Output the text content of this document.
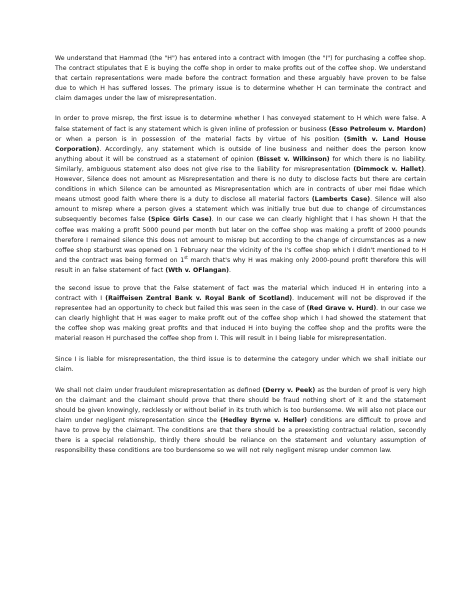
We understand that Hammad (the "H") has entered into a contract with Imogen (the "I") for purchasing a coffee shop. The contract stipulates that E is buying the coffe shop in order to make profits out of the coffee shop. We understand that certain representations were made before the contract formation and these arguably have proven to be false due to which H has suffered losses. The primary issue is to determine whether H can terminate the contract and claim damages under the law of misrepresentation.

In order to prove misrep, the first issue is to determine whether I has conveyed statement to H which were false. A false statement of fact is any statement which is given inline of profession or business (Esso Petroleum v. Mardon) or when a person is in possession of the material facts by virtue of his position (Smith v. Land House Corporation). Accordingly, any statement which is outside of line business and neither does the person know anything about it will be construed as a statement of opinion (Bisset v. Wilkinson) for which there is no liability. Similarly, ambiguous statement also does not give rise to the liability for misrepresentation (Dimmock v. Hallet). However, Silence does not amount as Misrepresentation and there is no duty to disclose facts but there are certain conditions in which Silence can be amounted as Misrepresentation which are in contracts of uber mei fidae which means utmost good faith where there is a duty to disclose all material factors (Lamberts Case). Silence will also amount to misrep where a person gives a statement which was initially true but due to change of circumstances subsequently becomes false (Spice Girls Case). In our case we can clearly highlight that I has shown H that the coffee was making a profit 5000 pound per month but later on the coffee shop was making a profit of 2000 pounds therefore I remained silence this does not amount to misrep but according to the change of circumstances as a new coffee shop starburst was opened on 1 February near the vicinity of the I's coffee shop which I didn't mentioned to H and the contract was being formed on 1st march that's why H was making only 2000-pound profit therefore this will result in an false statement of fact (Wth v. OFlangan).

the second issue to prove that the False statement of fact was the material which induced H in entering into a contract with I (Raiffeisen Zentral Bank v. Royal Bank of Scotland). Inducement will not be disproved if the representee had an opportunity to check but failed this was seen in the case of (Red Grave v. Hurd). In our case we can clearly highlight that H was eager to make profit out of the coffee shop which I had showed the statement that the coffee shop was making great profits and that induced H into buying the coffee shop and the profits were the material reason H purchased the coffee shop from I. This will result in I being liable for misrepresentation.

Since I is liable for misrepresentation, the third issue is to determine the category under which we shall initiate our claim.

We shall not claim under fraudulent misrepresentation as defined (Derry v. Peek) as the burden of proof is very high on the claimant and the claimant should prove that there should be fraud nothing short of it and the statement should be given knowingly, recklessly or without belief in its truth which is too burdensome. We will also not place our claim under negligent misrepresentation since the (Hedley Byrne v. Heller) conditions are difficult to prove and have to prove by the claimant. The conditions are that there should be a preexisting contractual relation, secondly there is a special relationship, thirdly there should be reliance on the statement and voluntary assumption of responsibility these conditions are too burdensome so we will not rely negligent misrep under common law.
